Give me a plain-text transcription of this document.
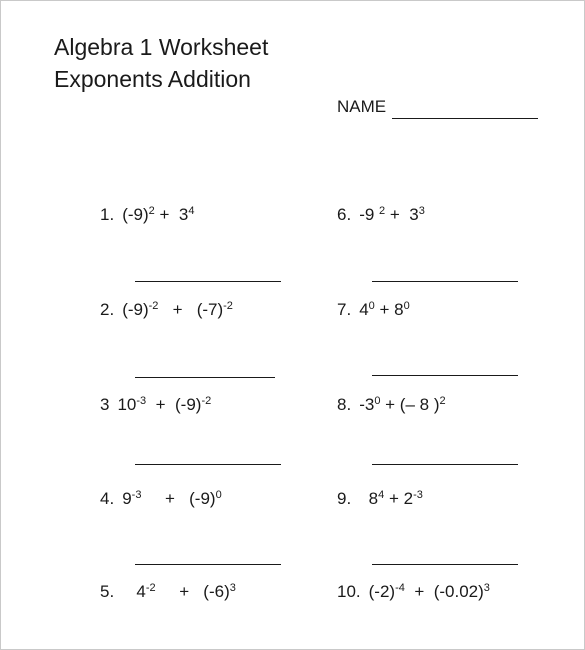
Algebra 1 Worksheet
Exponents Addition
NAME
1. $(-9)^2 + 3^4$
2. $(-9)^{-2} + (-7)^{-2}$
3 $10^{-3} + (-9)^{-2}$
4. $9^{-3}$     +   $(-9)^0$
5.   $4^{-2}$     +   $(-6)^3$
6. -9 $^2 + 3^3$
7. $4^0 + 8^0$
8. $-3^0$ + (– 8 )$^2$
9.  $8^4 + 2^{-3}$
10. $(-2)^{-4} + (-0.02)^3$
